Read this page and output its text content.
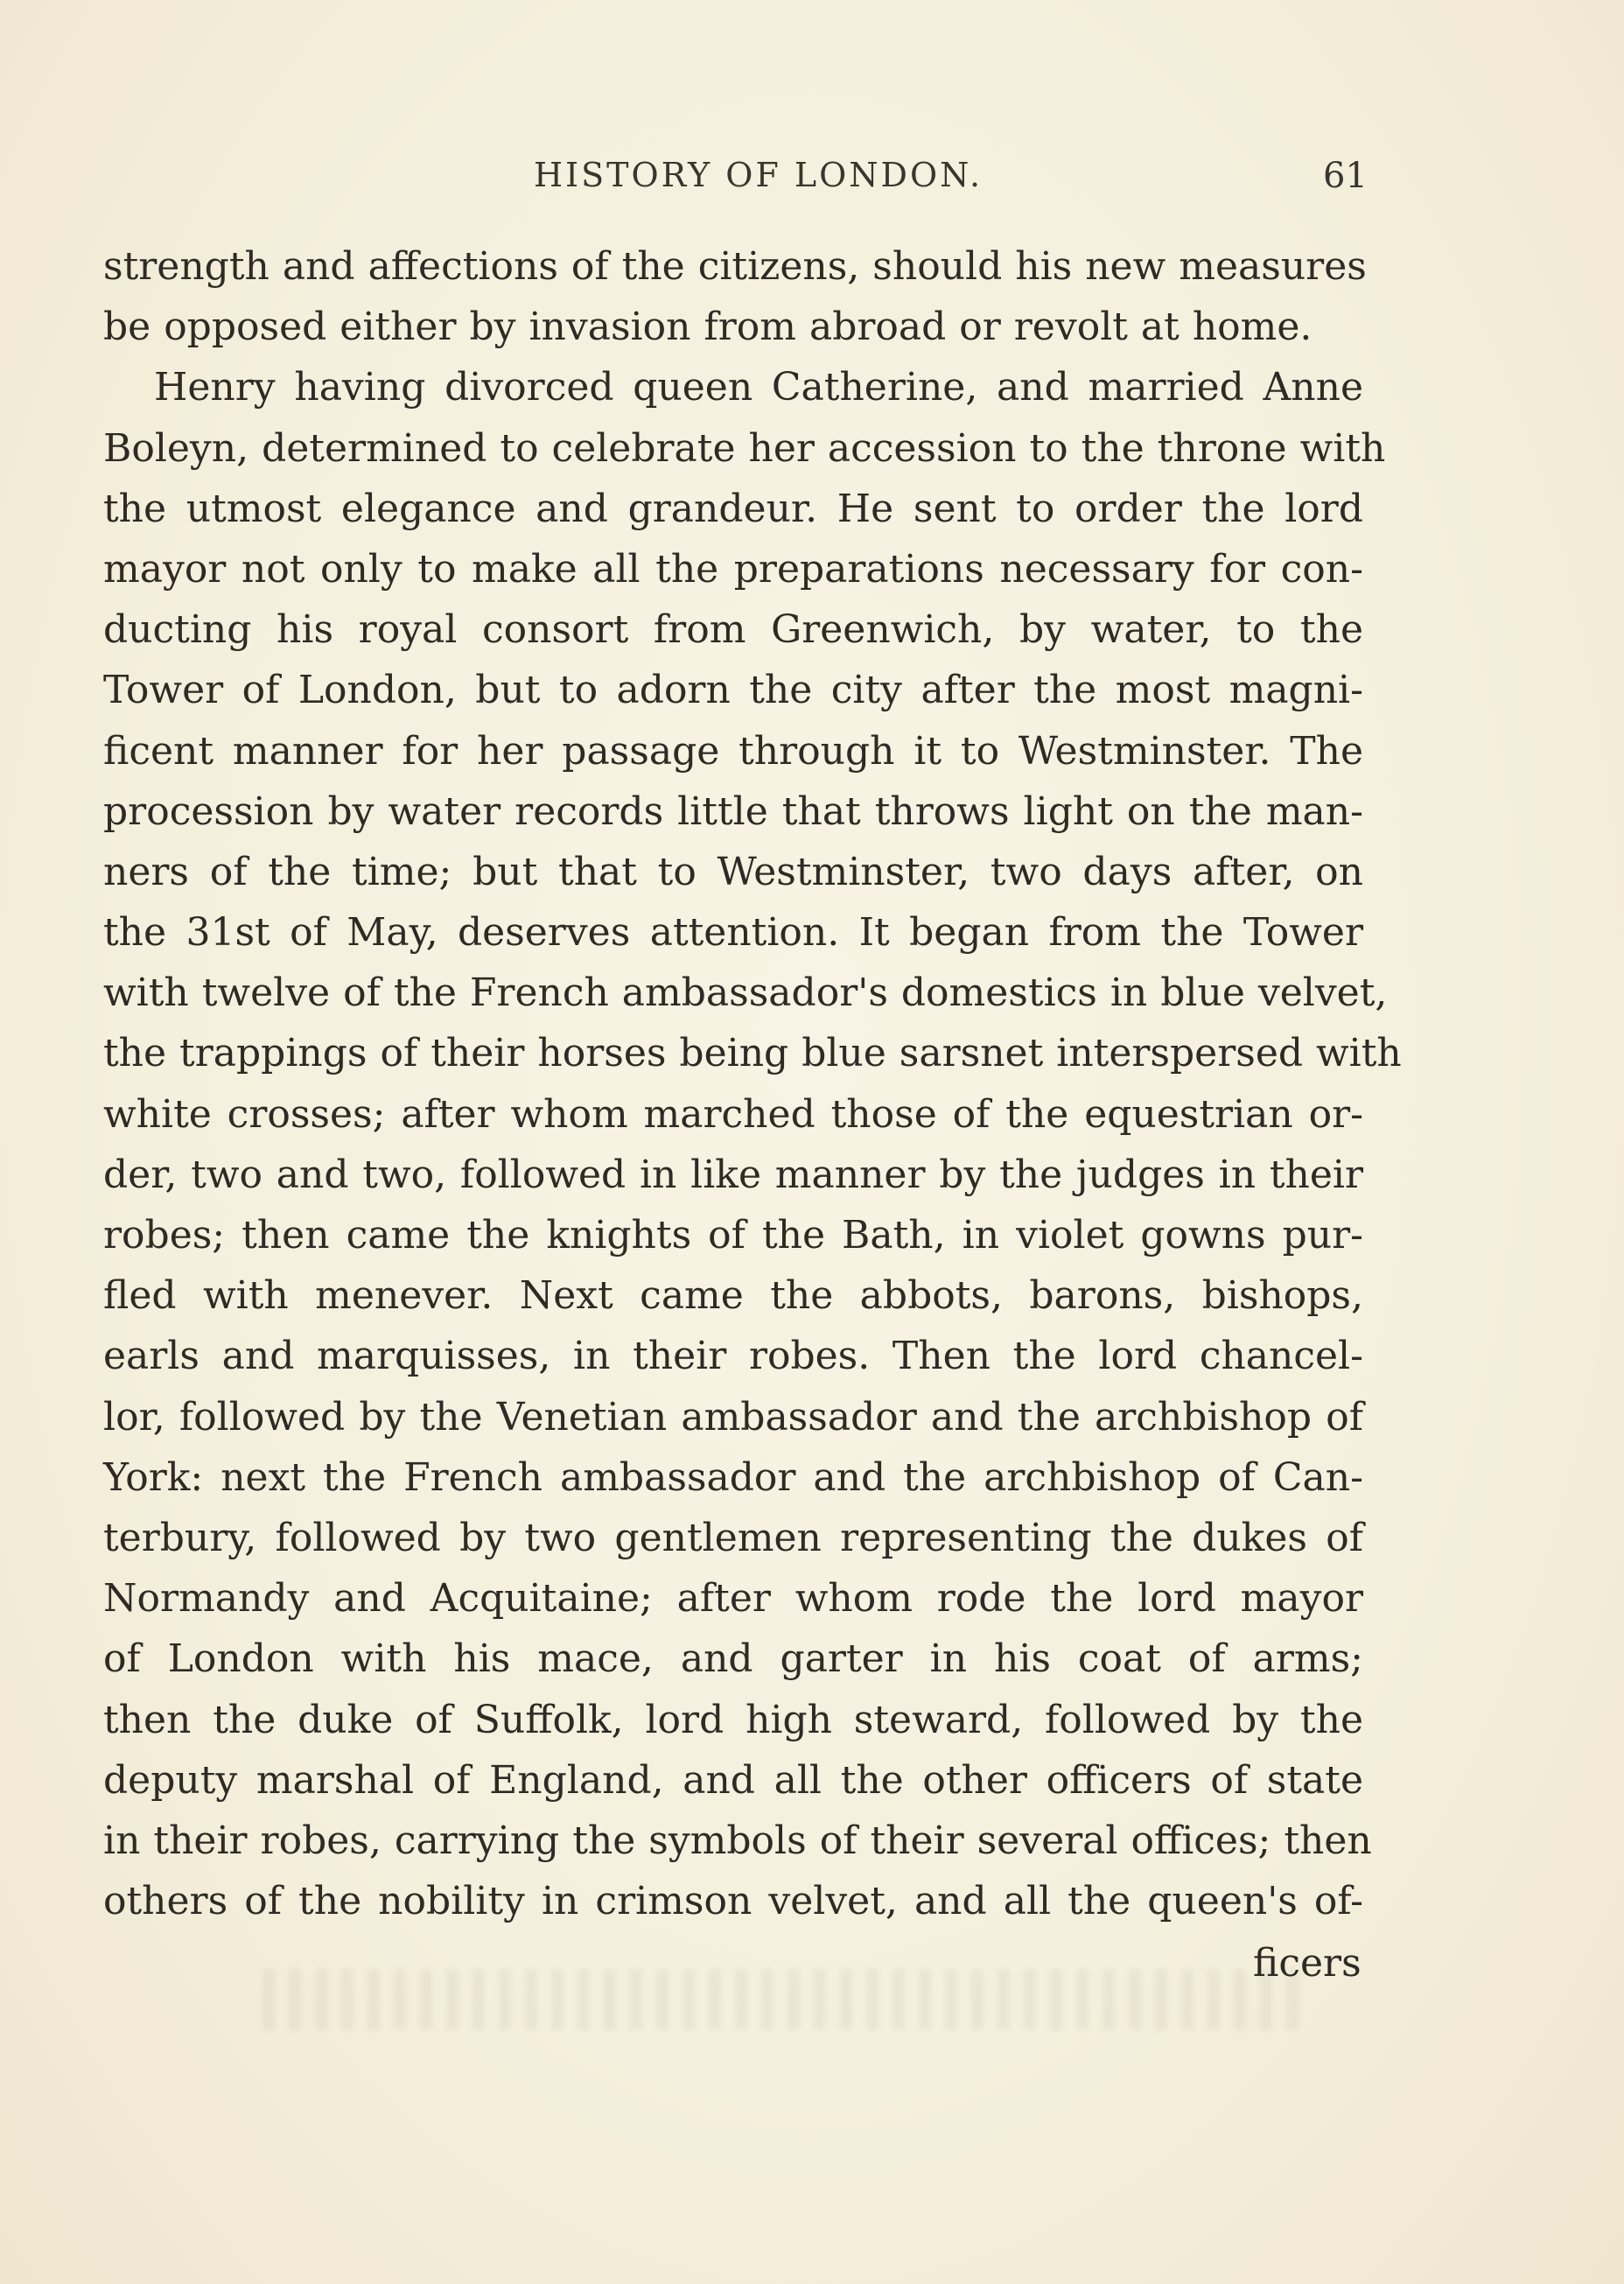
HISTORY OF LONDON.	61
strength and affections of the citizens, should his new measures
be opposed either by invasion from abroad or revolt at home.
Henry having divorced queen Catherine, and married Anne
Boleyn, determined to celebrate her accession to the throne with
the utmost elegance and grandeur. He sent to order the lord
mayor not only to make all the preparations necessary for con-
ducting his royal consort from Greenwich, by water, to the
Tower of London, but to adorn the city after the most magni-
ficent manner for her passage through it to Westminster. The
procession by water records little that throws light on the man-
ners of the time; but that to Westminster, two days after, on
the 31st of May, deserves attention. It began from the Tower
with twelve of the French ambassador's domestics in blue velvet,
the trappings of their horses being blue sarsnet interspersed with
white crosses; after whom marched those of the equestrian or-
der, two and two, followed in like manner by the judges in their
robes; then came the knights of the Bath, in violet gowns pur-
fled with menever. Next came the abbots, barons, bishops,
earls and marquisses, in their robes. Then the lord chancel-
lor, followed by the Venetian ambassador and the archbishop of
York: next the French ambassador and the archbishop of Can-
terbury, followed by two gentlemen representing the dukes of
Normandy and Acquitaine; after whom rode the lord mayor
of London with his mace, and garter in his coat of arms;
then the duke of Suffolk, lord high steward, followed by the
deputy marshal of England, and all the other officers of state
in their robes, carrying the symbols of their several offices; then
others of the nobility in crimson velvet, and all the queen's of-
ficers
